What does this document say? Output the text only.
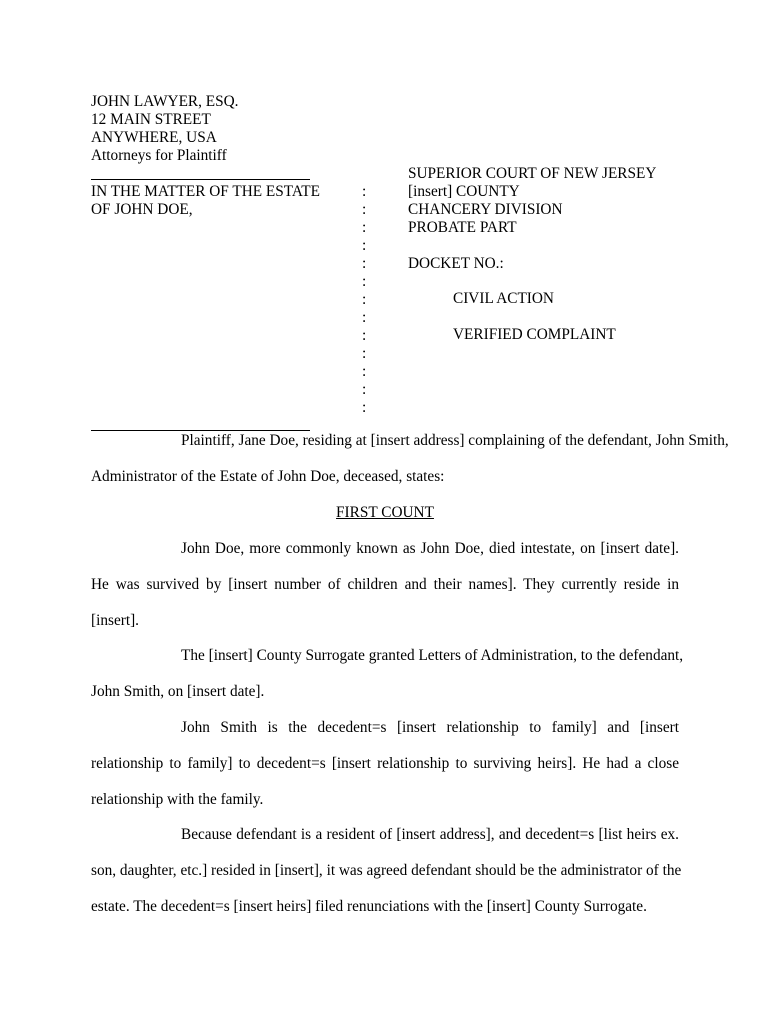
JOHN LAWYER, ESQ.
12 MAIN STREET
ANYWHERE, USA
Attorneys for Plaintiff
IN THE MATTER OF THE ESTATE
OF JOHN DOE,
:
:
:
:
:
:
:
:
:
:
:
:
:
SUPERIOR COURT OF NEW JERSEY
[insert] COUNTY
CHANCERY DIVISION
PROBATE PART
DOCKET NO.:
CIVIL ACTION
VERIFIED COMPLAINT
Plaintiff, Jane Doe, residing at [insert address] complaining of the defendant, John Smith,
Administrator of the Estate of John Doe, deceased, states:
FIRST COUNT
John Doe, more commonly known as John Doe, died intestate, on [insert date].
He was survived by [insert number of children and their names]. They currently reside in
[insert].
The [insert] County Surrogate granted Letters of Administration, to the defendant,
John Smith, on [insert date].
John Smith is the decedent=s [insert relationship to family] and [insert
relationship to family] to decedent=s [insert relationship to surviving heirs]. He had a close
relationship with the family.
Because defendant is a resident of [insert address], and decedent=s [list heirs ex.
son, daughter, etc.] resided in [insert], it was agreed defendant should be the administrator of the
estate. The decedent=s [insert heirs] filed renunciations with the [insert] County Surrogate.
